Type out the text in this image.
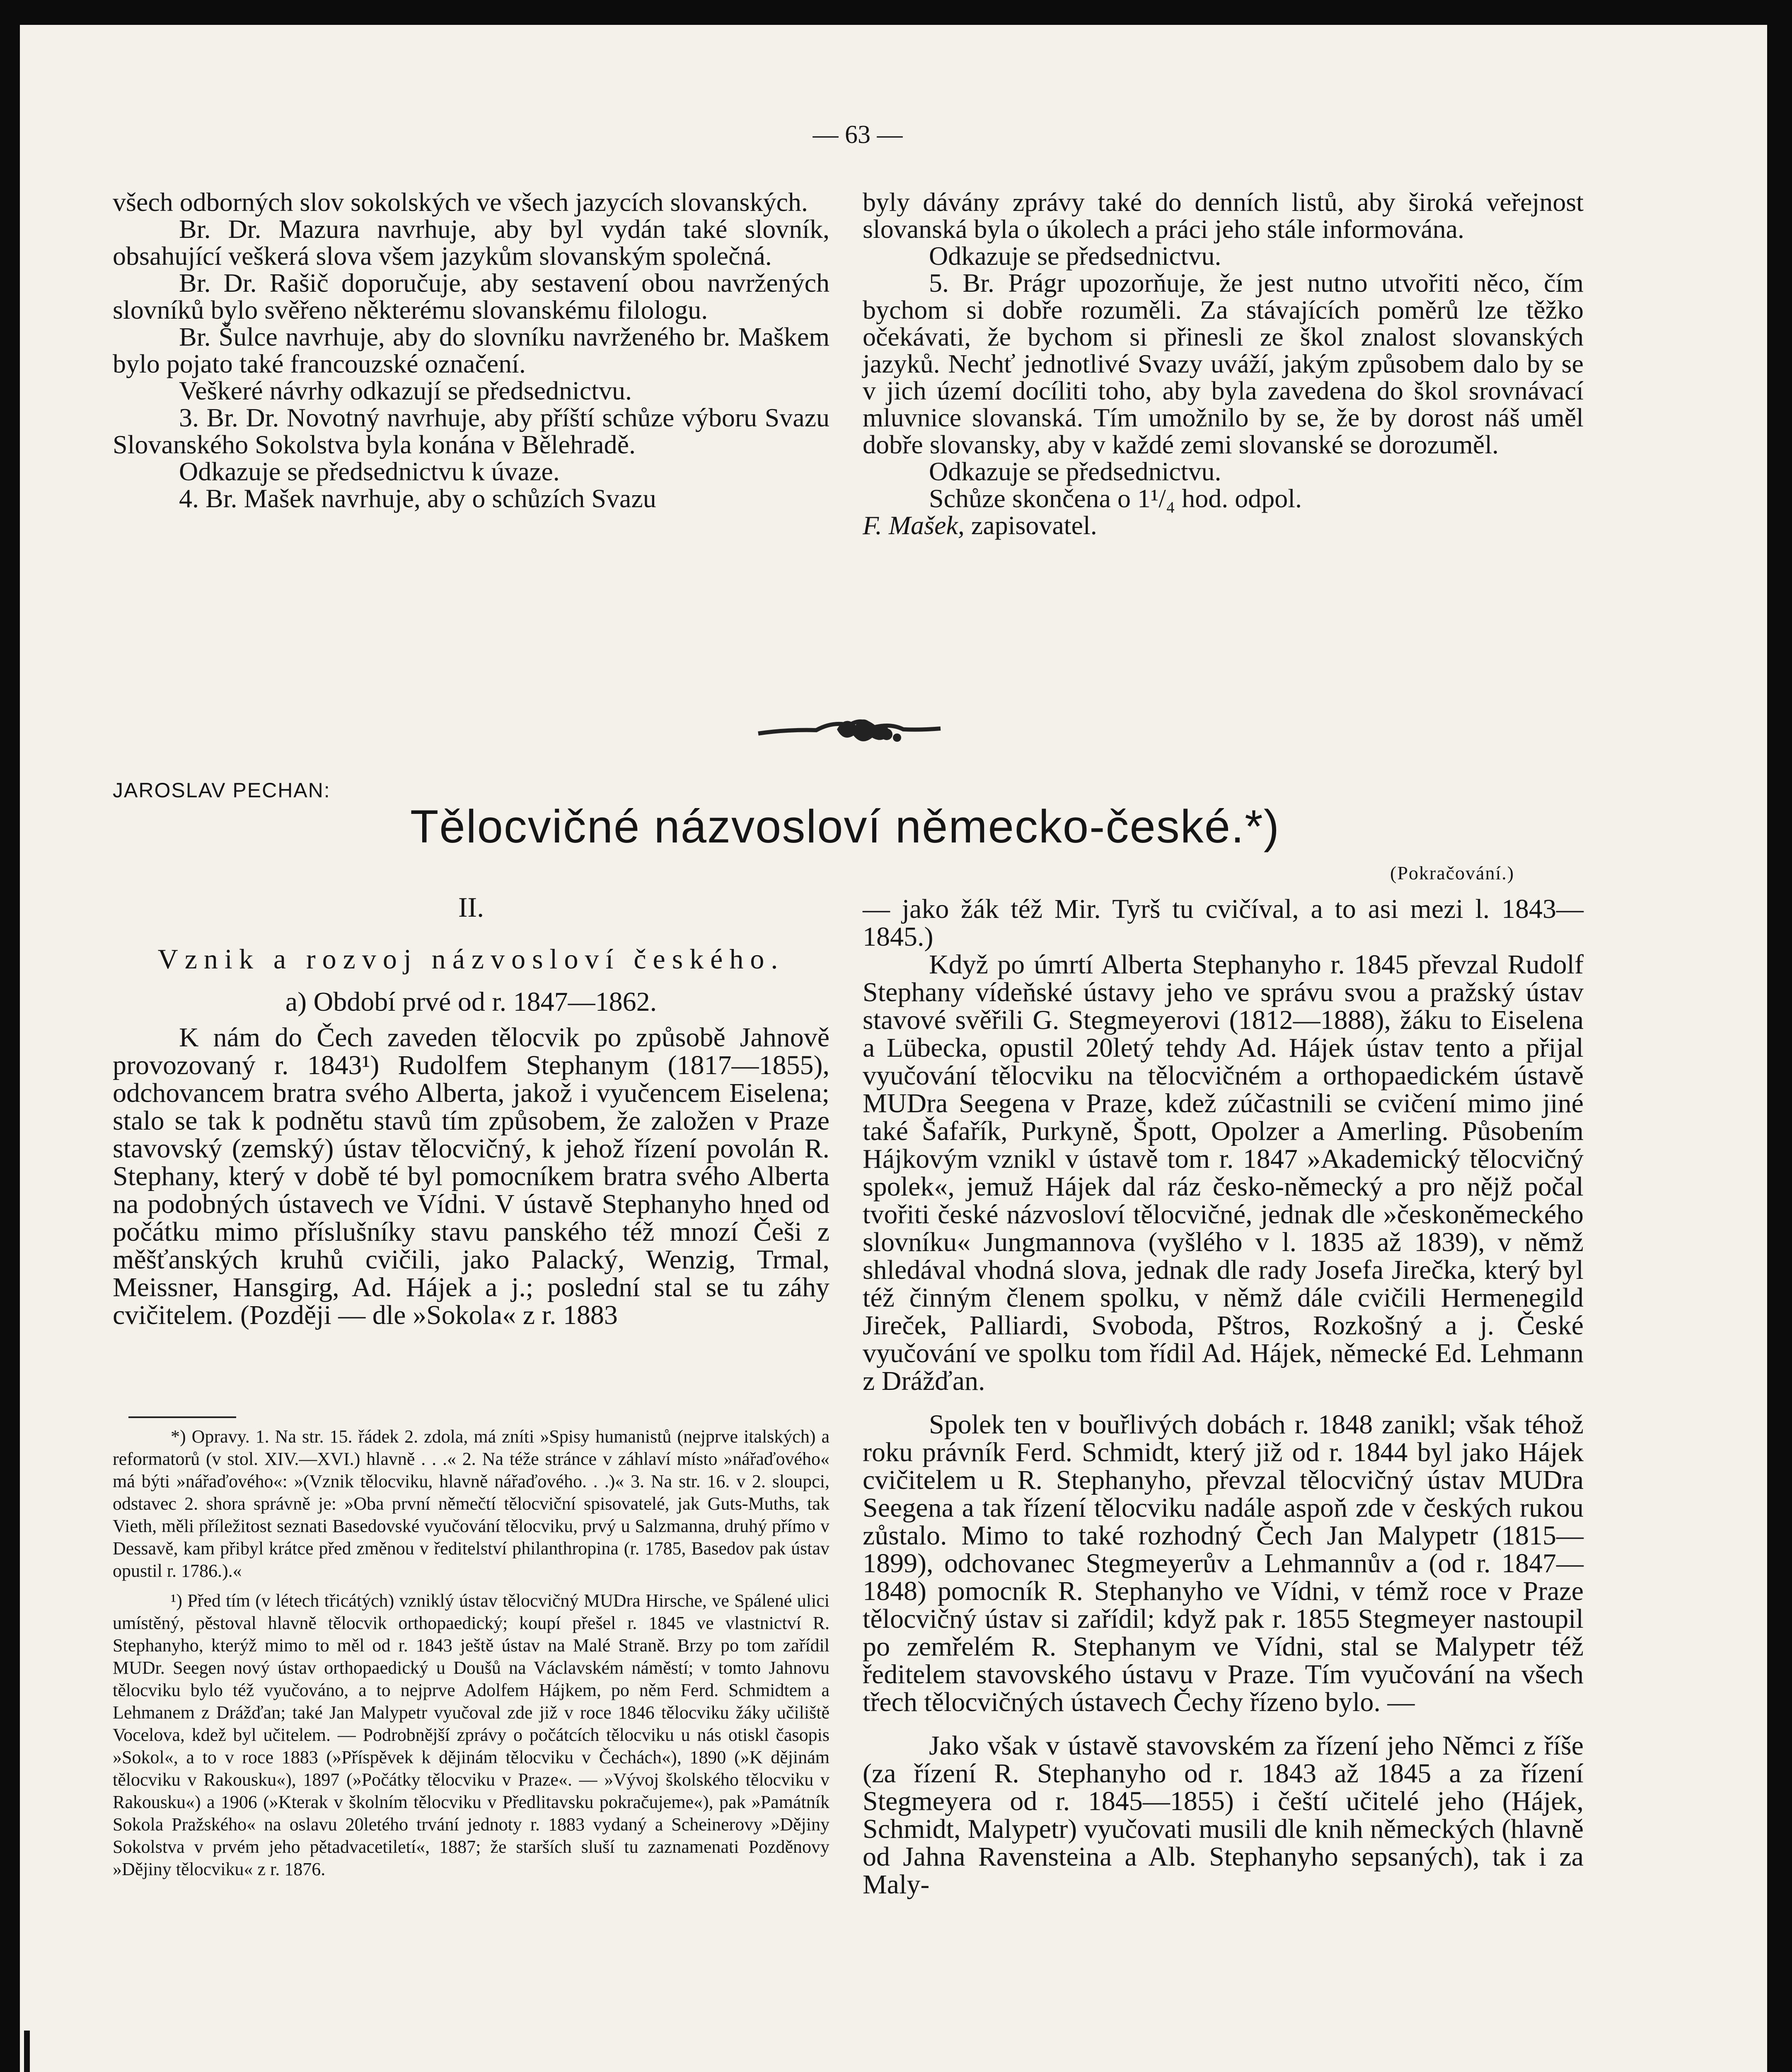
— 63 —

všech odborných slov sokolských ve všech jazycích slovanských.

Br. Dr. Mazura navrhuje, aby byl vydán také slovník, obsahující veškerá slova všem jazykům slovanským společná.

Br. Dr. Rašič doporučuje, aby sestavení obou navržených slovníků bylo svěřeno některému slovanskému filologu.

Br. Šulce navrhuje, aby do slovníku navrženého br. Maškem bylo pojato také francouzské označení.

Veškeré návrhy odkazují se předsednictvu.

3. Br. Dr. Novotný navrhuje, aby příští schůze výboru Svazu Slovanského Sokolstva byla konána v Bělehradě.

Odkazuje se předsednictvu k úvaze.

4. Br. Mašek navrhuje, aby o schůzích Svazu

byly dávány zprávy také do denních listů, aby široká veřejnost slovanská byla o úkolech a práci jeho stále informována.

Odkazuje se předsednictvu.

5. Br. Prágr upozorňuje, že jest nutno utvořiti něco, čím bychom si dobře rozuměli. Za stávajících poměrů lze těžko očekávati, že bychom si přinesli ze škol znalost slovanských jazyků. Nechť jednotlivé Svazy uváží, jakým způsobem dalo by se v jich území docíliti toho, aby byla zavedena do škol srovnávací mluvnice slovanská. Tím umožnilo by se, že by dorost náš uměl dobře slovansky, aby v každé zemi slovanské se dorozuměl.

Odkazuje se předsednictvu.

Schůze skončena o 1¹/₄ hod. odpol.

F. Mašek, zapisovatel.

JAROSLAV PECHAN:
Tělocvičné názvosloví německo-české.*)
(Pokračování.)
II.
Vznik a rozvoj názvosloví českého.
a) Období prvé od r. 1847—1862.

K nám do Čech zaveden tělocvik po způsobě Jahnově provozovaný r. 1843¹) Rudolfem Stephanym (1817—1855), odchovancem bratra svého Alberta, jakož i vyučencem Eiselena; stalo se tak k podnětu stavů tím způsobem, že založen v Praze stavovský (zemský) ústav tělocvičný, k jehož řízení povolán R. Stephany, který v době té byl pomocníkem bratra svého Alberta na podobných ústavech ve Vídni. V ústavě Stephanyho hned od počátku mimo příslušníky stavu panského též mnozí Češi z měšťanských kruhů cvičili, jako Palacký, Wenzig, Trmal, Meissner, Hansgirg, Ad. Hájek a j.; poslední stal se tu záhy cvičitelem. (Později — dle »Sokola« z r. 1883

*) Opravy. 1. Na str. 15. řádek 2. zdola, má zníti »Spisy humanistů (nejprve italských) a reformatorů (v stol. XIV.—XVI.) hlavně . . .« 2. Na téže stránce v záhlaví místo »nářaďového« má býti »nářaďového«: »(Vznik tělocviku, hlavně nářaďového. . .)« 3. Na str. 16. v 2. sloupci, odstavec 2. shora správně je: »Oba první němečtí tělocviční spisovatelé, jak Guts-Muths, tak Vieth, měli příležitost seznati Basedovské vyučování tělocviku, prvý u Salzmanna, druhý přímo v Dessavě, kam přibyl krátce před změnou v ředitelství philanthropina (r. 1785, Basedov pak ústav opustil r. 1786.).«

¹) Před tím (v létech třicátých) vzniklý ústav tělocvičný MUDra Hirsche, ve Spálené ulici umístěný, pěstoval hlavně tělocvik orthopaedický; koupí přešel r. 1845 ve vlastnictví R. Stephanyho, kterýž mimo to měl od r. 1843 ještě ústav na Malé Straně. Brzy po tom zařídil MUDr. Seegen nový ústav orthopaedický u Doušů na Václavském náměstí; v tomto Jahnovu tělocviku bylo též vyučováno, a to nejprve Adolfem Hájkem, po něm Ferd. Schmidtem a Lehmanem z Drážďan; také Jan Malypetr vyučoval zde již v roce 1846 tělocviku žáky učiliště Vocelova, kdež byl učitelem. — Podrobnější zprávy o počátcích tělocviku u nás otiskl časopis »Sokol«, a to v roce 1883 (»Příspěvek k dějinám tělocviku v Čechách«), 1890 (»K dějinám tělocviku v Rakousku«), 1897 (»Počátky tělocviku v Praze«. — »Vývoj školského tělocviku v Rakousku«) a 1906 (»Kterak v školním tělocviku v Předlitavsku pokračujeme«), pak »Památník Sokola Pražského« na oslavu 20letého trvání jednoty r. 1883 vydaný a Scheinerovy »Dějiny Sokolstva v prvém jeho pětadvacetiletí«, 1887; že starších sluší tu zaznamenati Pozděnovy »Dějiny tělocviku« z r. 1876.

— jako žák též Mir. Tyrš tu cvičíval, a to asi mezi l. 1843—1845.)

Když po úmrtí Alberta Stephanyho r. 1845 převzal Rudolf Stephany vídeňské ústavy jeho ve správu svou a pražský ústav stavové svěřili G. Stegmeyerovi (1812—1888), žáku to Eiselena a Lübecka, opustil 20letý tehdy Ad. Hájek ústav tento a přijal vyučování tělocviku na tělocvičném a orthopaedickém ústavě MUDra Seegena v Praze, kdež zúčastnili se cvičení mimo jiné také Šafařík, Purkyně, Špott, Opolzer a Amerling. Působením Hájkovým vznikl v ústavě tom r. 1847 »Akademický tělocvičný spolek«, jemuž Hájek dal ráz česko-německý a pro nějž počal tvořiti české názvosloví tělocvičné, jednak dle »českoněmeckého slovníku« Jungmannova (vyšlého v l. 1835 až 1839), v němž shledával vhodná slova, jednak dle rady Josefa Jirečka, který byl též činným členem spolku, v němž dále cvičili Hermenegild Jireček, Palliardi, Svoboda, Pštros, Rozkošný a j. České vyučování ve spolku tom řídil Ad. Hájek, německé Ed. Lehmann z Drážďan.

Spolek ten v bouřlivých dobách r. 1848 zanikl; však téhož roku právník Ferd. Schmidt, který již od r. 1844 byl jako Hájek cvičitelem u R. Stephanyho, převzal tělocvičný ústav MUDra Seegena a tak řízení tělocviku nadále aspoň zde v českých rukou zůstalo. Mimo to také rozhodný Čech Jan Malypetr (1815—1899), odchovanec Stegmeyerův a Lehmannův a (od r. 1847—1848) pomocník R. Stephanyho ve Vídni, v témž roce v Praze tělocvičný ústav si zařídil; když pak r. 1855 Stegmeyer nastoupil po zemřelém R. Stephanym ve Vídni, stal se Malypetr též ředitelem stavovského ústavu v Praze. Tím vyučování na všech třech tělocvičných ústavech Čechy řízeno bylo. —

Jako však v ústavě stavovském za řízení jeho Němci z říše (za řízení R. Stephanyho od r. 1843 až 1845 a za řízení Stegmeyera od r. 1845—1855) i čeští učitelé jeho (Hájek, Schmidt, Malypetr) vyučovati musili dle knih německých (hlavně od Jahna Ravensteina a Alb. Stephanyho sepsaných), tak i za Maly-
